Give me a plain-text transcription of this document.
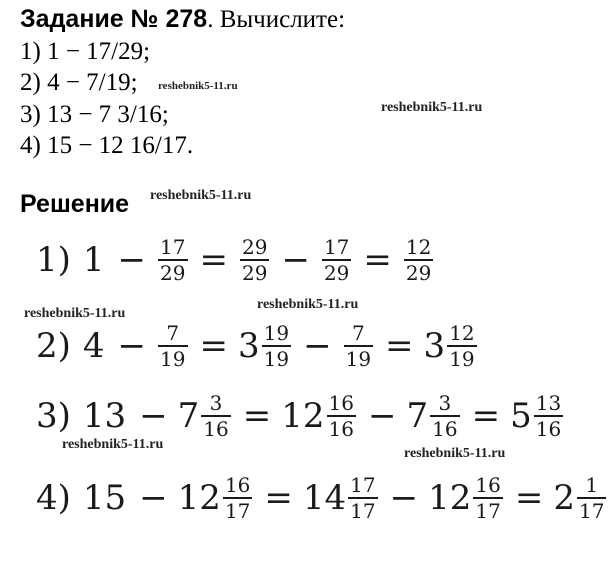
Задание № 278. Вычислите:
1) 1 − 17/29;
2) 4 − 7/19;
3) 13 − 7 3/16;
4) 15 − 12 16/17.
Решение
reshebnik5-11.ru
reshebnik5-11.ru
reshebnik5-11.ru
reshebnik5-11.ru
reshebnik5-11.ru
reshebnik5-11.ru
reshebnik5-11.ru
1) $1 - \frac{17}{29} = \frac{29}{29} - \frac{17}{29} = \frac{12}{29}$
2) $4 - \frac{7}{19} = 3 \frac{19}{19} - \frac{7}{19} = 3 \frac{12}{19}$
3) $13 - 7 \frac{3}{16} = 12 \frac{16}{16} - 7 \frac{3}{16} = 5 \frac{13}{16}$
4) $15 - 12 \frac{16}{17} = 14 \frac{17}{17} - 12 \frac{16}{17} = 2 \frac{1}{17}$
